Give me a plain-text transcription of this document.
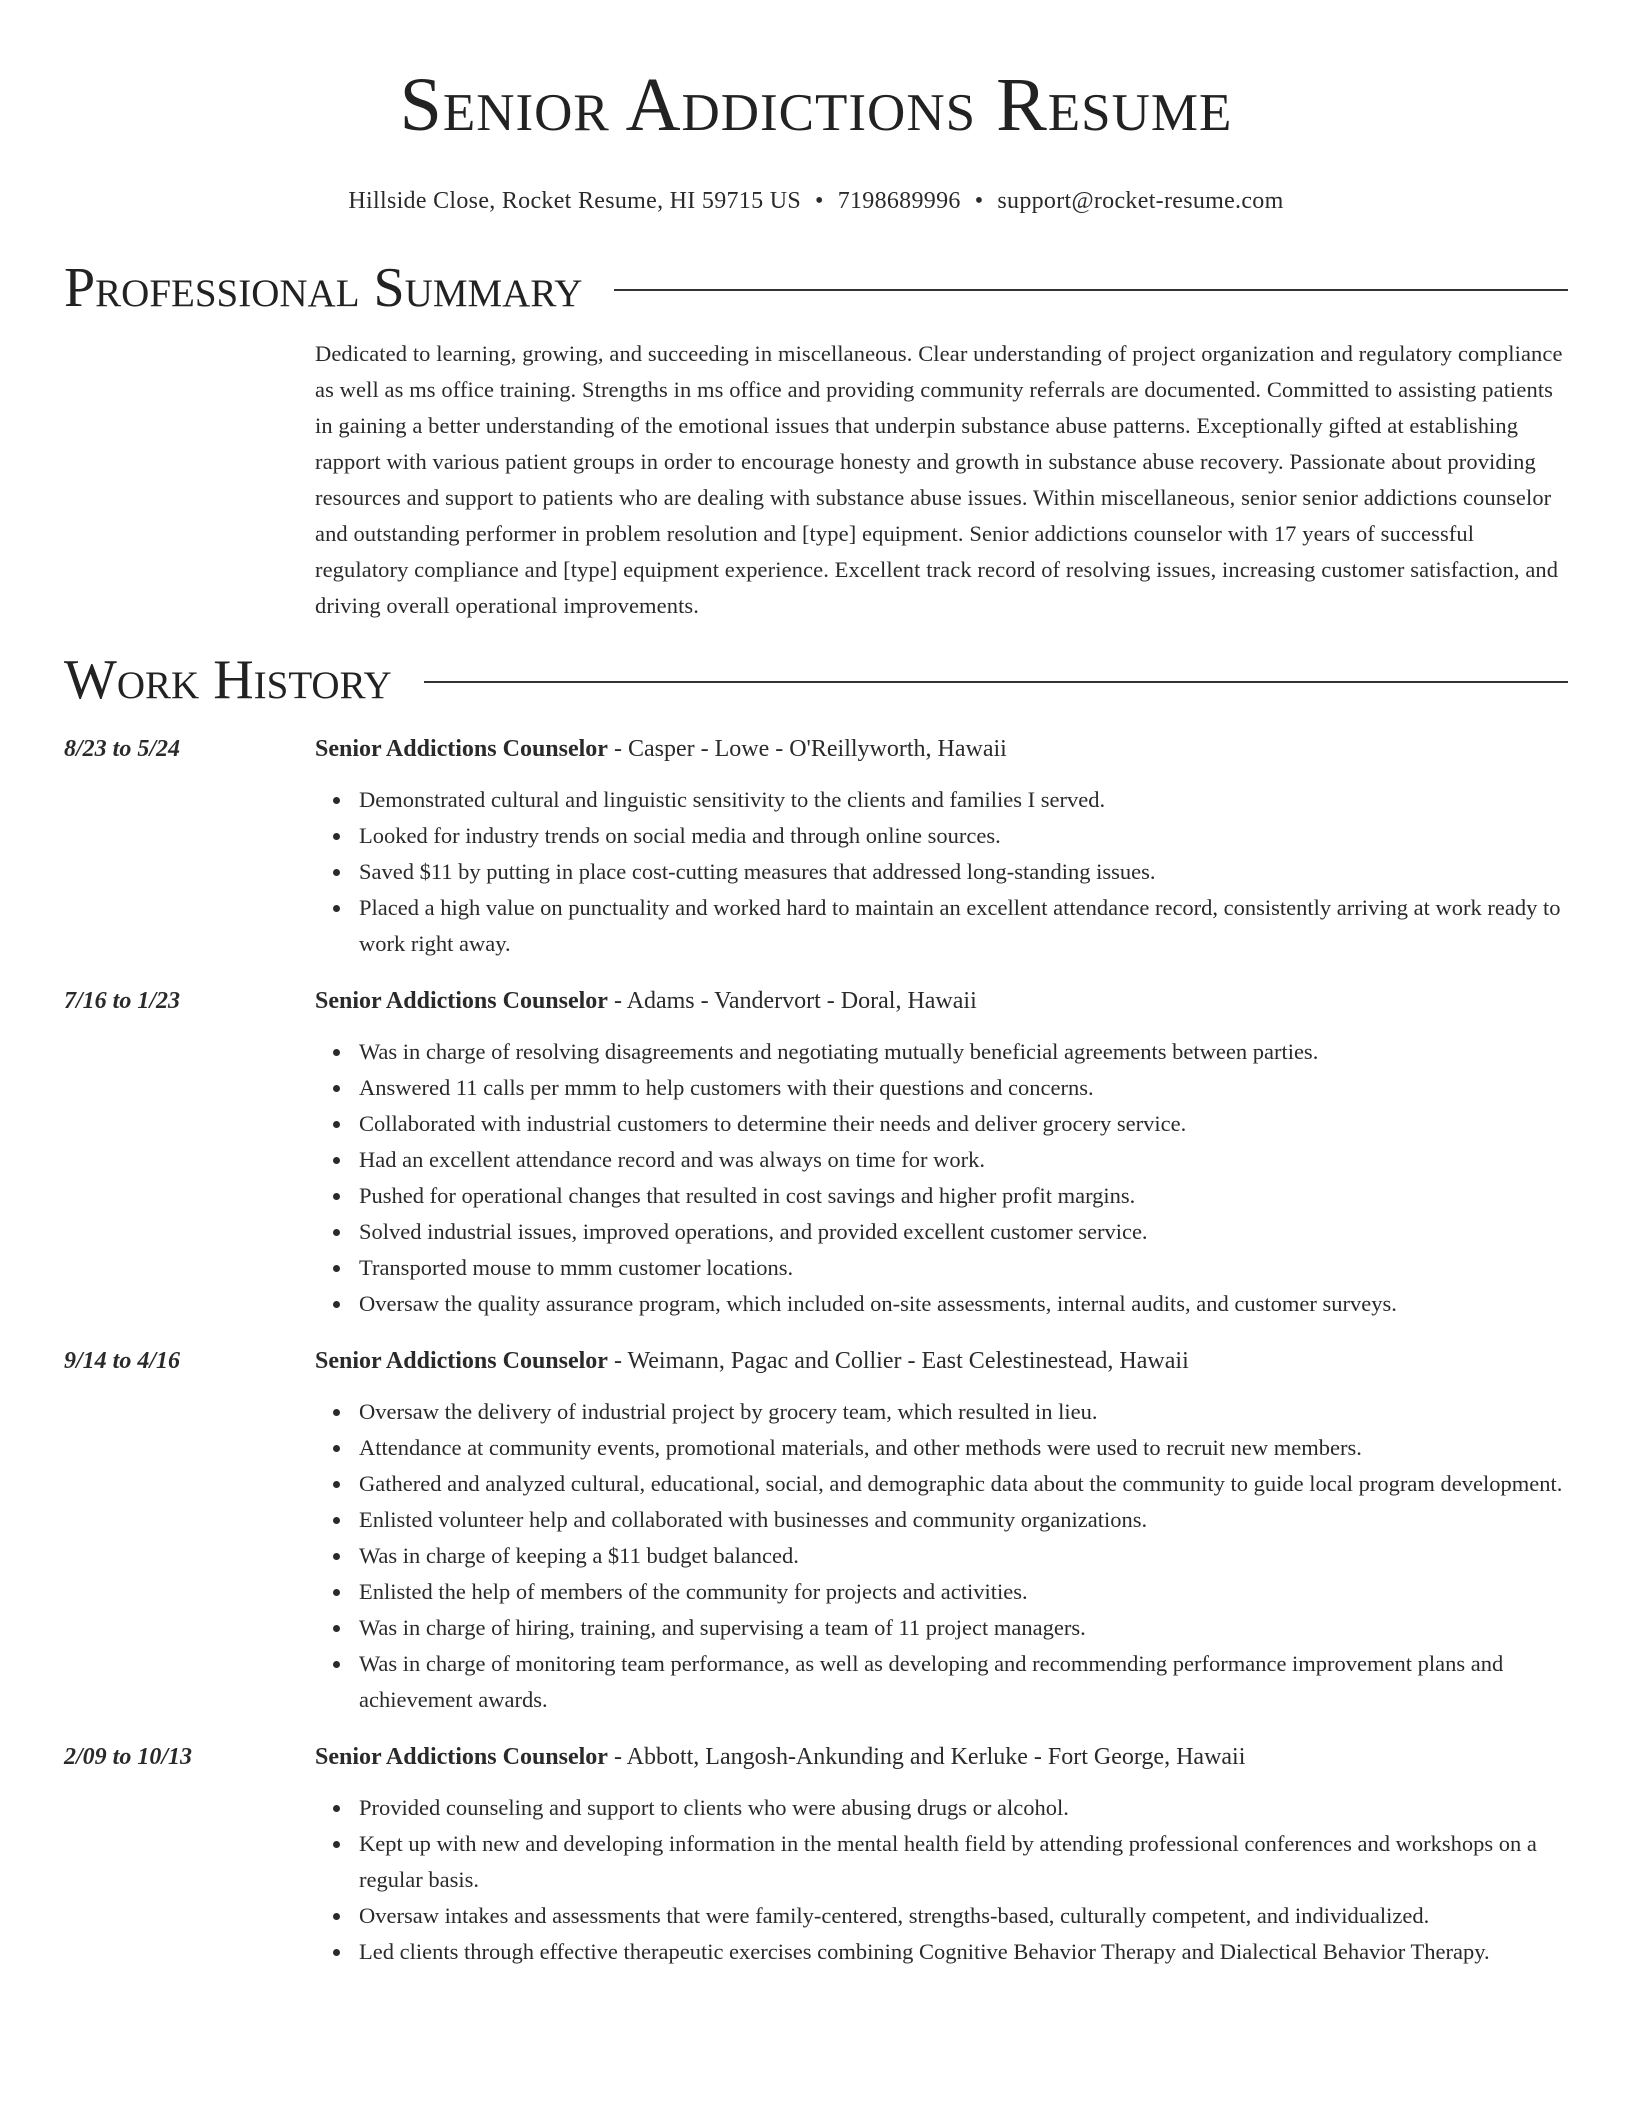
Senior Addictions Resume
Hillside Close, Rocket Resume, HI 59715 US • 7198689996 • support@rocket-resume.com
Professional Summary
Dedicated to learning, growing, and succeeding in miscellaneous. Clear understanding of project organization and regulatory compliance as well as ms office training. Strengths in ms office and providing community referrals are documented. Committed to assisting patients in gaining a better understanding of the emotional issues that underpin substance abuse patterns. Exceptionally gifted at establishing rapport with various patient groups in order to encourage honesty and growth in substance abuse recovery. Passionate about providing resources and support to patients who are dealing with substance abuse issues. Within miscellaneous, senior senior addictions counselor and outstanding performer in problem resolution and [type] equipment. Senior addictions counselor with 17 years of successful regulatory compliance and [type] equipment experience. Excellent track record of resolving issues, increasing customer satisfaction, and driving overall operational improvements.
Work History
8/23 to 5/24	Senior Addictions Counselor - Casper - Lowe - O'Reillyworth, Hawaii
Demonstrated cultural and linguistic sensitivity to the clients and families I served.
Looked for industry trends on social media and through online sources.
Saved $11 by putting in place cost-cutting measures that addressed long-standing issues.
Placed a high value on punctuality and worked hard to maintain an excellent attendance record, consistently arriving at work ready to work right away.
7/16 to 1/23	Senior Addictions Counselor - Adams - Vandervort - Doral, Hawaii
Was in charge of resolving disagreements and negotiating mutually beneficial agreements between parties.
Answered 11 calls per mmm to help customers with their questions and concerns.
Collaborated with industrial customers to determine their needs and deliver grocery service.
Had an excellent attendance record and was always on time for work.
Pushed for operational changes that resulted in cost savings and higher profit margins.
Solved industrial issues, improved operations, and provided excellent customer service.
Transported mouse to mmm customer locations.
Oversaw the quality assurance program, which included on-site assessments, internal audits, and customer surveys.
9/14 to 4/16	Senior Addictions Counselor - Weimann, Pagac and Collier - East Celestinestead, Hawaii
Oversaw the delivery of industrial project by grocery team, which resulted in lieu.
Attendance at community events, promotional materials, and other methods were used to recruit new members.
Gathered and analyzed cultural, educational, social, and demographic data about the community to guide local program development.
Enlisted volunteer help and collaborated with businesses and community organizations.
Was in charge of keeping a $11 budget balanced.
Enlisted the help of members of the community for projects and activities.
Was in charge of hiring, training, and supervising a team of 11 project managers.
Was in charge of monitoring team performance, as well as developing and recommending performance improvement plans and achievement awards.
2/09 to 10/13	Senior Addictions Counselor - Abbott, Langosh-Ankunding and Kerluke - Fort George, Hawaii
Provided counseling and support to clients who were abusing drugs or alcohol.
Kept up with new and developing information in the mental health field by attending professional conferences and workshops on a regular basis.
Oversaw intakes and assessments that were family-centered, strengths-based, culturally competent, and individualized.
Led clients through effective therapeutic exercises combining Cognitive Behavior Therapy and Dialectical Behavior Therapy.
